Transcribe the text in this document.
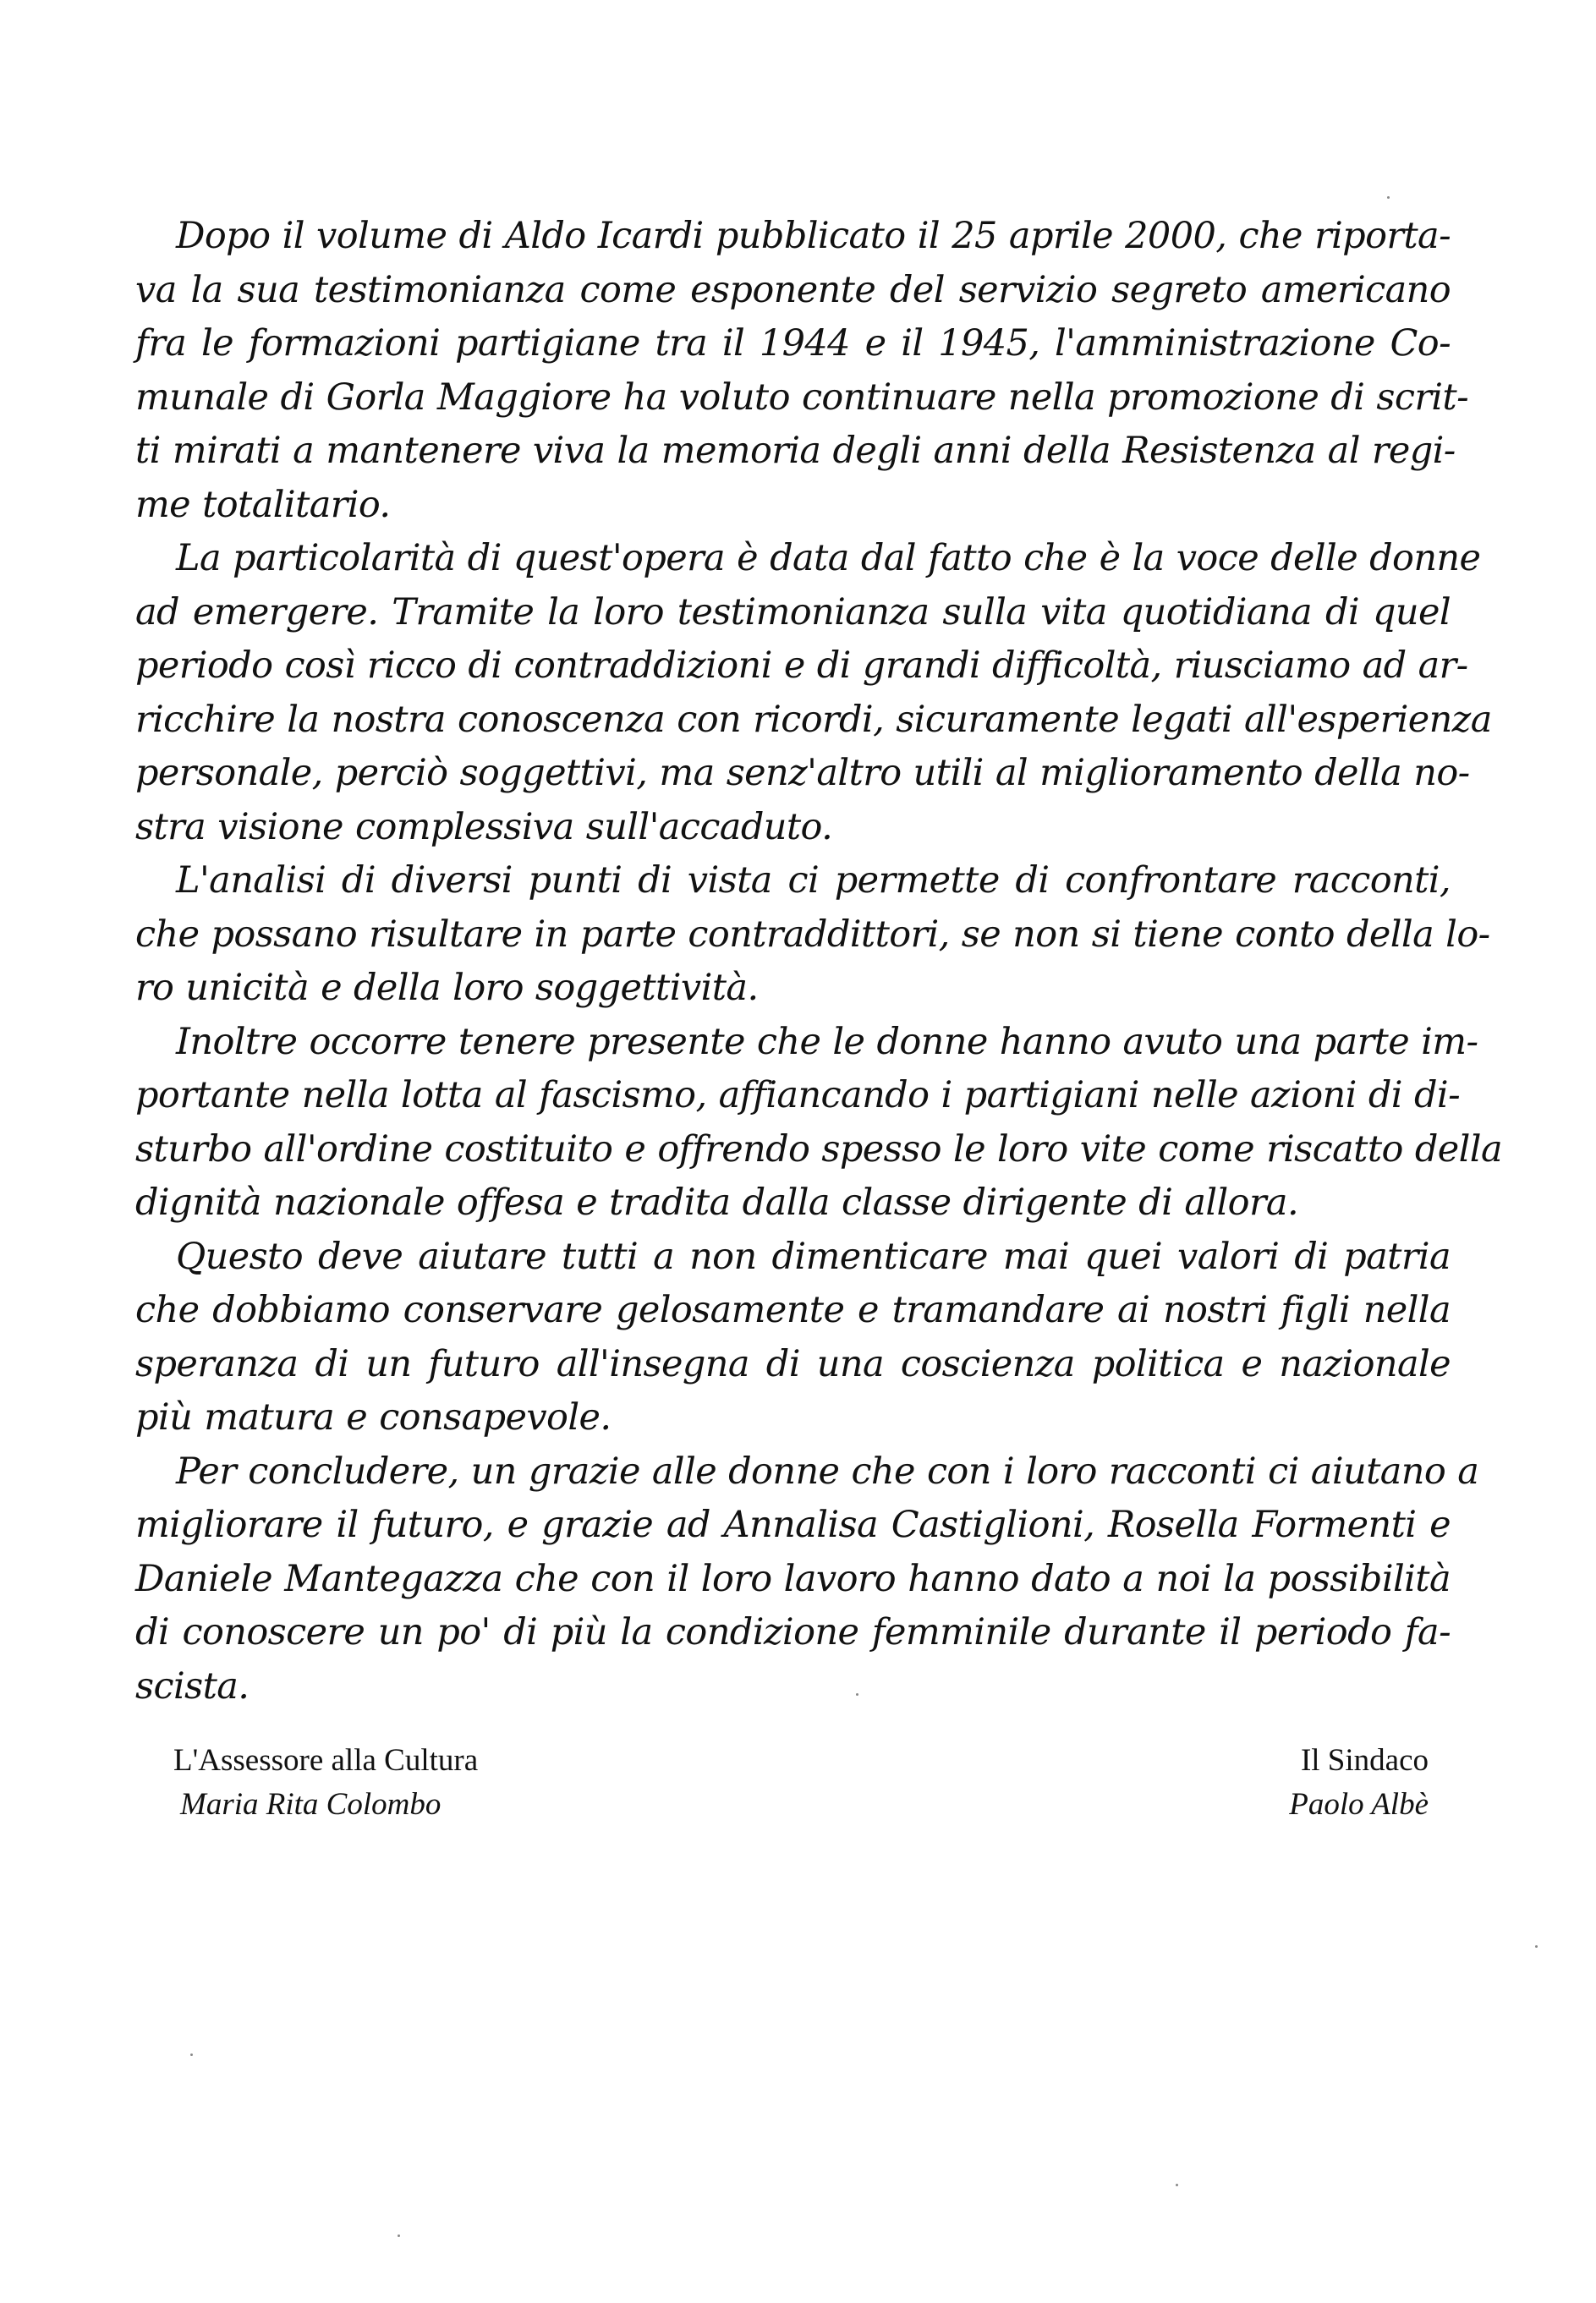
Dopo il volume di Aldo Icardi pubblicato il 25 aprile 2000, che riporta-
va la sua testimonianza come esponente del servizio segreto americano
fra le formazioni partigiane tra il 1944 e il 1945, l'amministrazione Co-
munale di Gorla Maggiore ha voluto continuare nella promozione di scrit-
ti mirati a mantenere viva la memoria degli anni della Resistenza al regi-
me totalitario.
La particolarità di quest'opera è data dal fatto che è la voce delle donne
ad emergere. Tramite la loro testimonianza sulla vita quotidiana di quel
periodo così ricco di contraddizioni e di grandi difficoltà, riusciamo ad ar-
ricchire la nostra conoscenza con ricordi, sicuramente legati all'esperienza
personale, perciò soggettivi, ma senz'altro utili al miglioramento della no-
stra visione complessiva sull'accaduto.
L'analisi di diversi punti di vista ci permette di confrontare racconti,
che possano risultare in parte contraddittori, se non si tiene conto della lo-
ro unicità e della loro soggettività.
Inoltre occorre tenere presente che le donne hanno avuto una parte im-
portante nella lotta al fascismo, affiancando i partigiani nelle azioni di di-
sturbo all'ordine costituito e offrendo spesso le loro vite come riscatto della
dignità nazionale offesa e tradita dalla classe dirigente di allora.
Questo deve aiutare tutti a non dimenticare mai quei valori di patria
che dobbiamo conservare gelosamente e tramandare ai nostri figli nella
speranza di un futuro all'insegna di una coscienza politica e nazionale
più matura e consapevole.
Per concludere, un grazie alle donne che con i loro racconti ci aiutano a
migliorare il futuro, e grazie ad Annalisa Castiglioni, Rosella Formenti e
Daniele Mantegazza che con il loro lavoro hanno dato a noi la possibilità
di conoscere un po' di più la condizione femminile durante il periodo fa-
scista.
L'Assessore alla Cultura
Maria Rita Colombo
Il Sindaco
Paolo Albè
